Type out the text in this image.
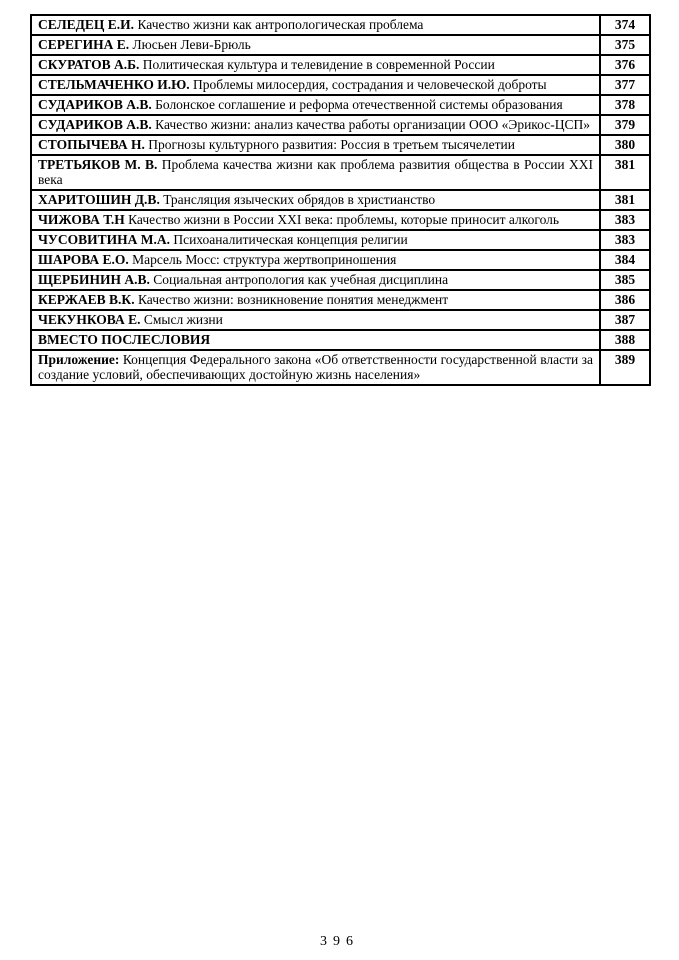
СЕЛЕДЕЦ Е.И. Качество жизни как антропологическая проблема	374
СЕРЕГИНА Е. Люсьен Леви-Брюль	375
СКУРАТОВ А.Б. Политическая культура и телевидение в современной России	376
СТЕЛЬМАЧЕНКО И.Ю. Проблемы милосердия, сострадания и человеческой доброты	377
СУДАРИКОВ А.В. Болонское соглашение и реформа отечественной системы образования	378
СУДАРИКОВ А.В. Качество жизни: анализ качества работы организации ООО «Эрикос-ЦСП»	379
СТОПЫЧЕВА Н. Прогнозы культурного развития: Россия в третьем тысячелетии	380
ТРЕТЬЯКОВ М. В. Проблема качества жизни как проблема развития общества в России XXI века	381
ХАРИТОШИН Д.В. Трансляция языческих обрядов в христианство	381
ЧИЖОВА Т.Н Качество жизни в России XXI века: проблемы, которые приносит алкоголь	383
ЧУСОВИТИНА М.А. Психоаналитическая концепция религии	383
ШАРОВА Е.О. Марсель Мосс: структура жертвоприношения	384
ЩЕРБИНИН А.В. Социальная антропология как учебная дисциплина	385
КЕРЖАЕВ В.К. Качество жизни: возникновение понятия менеджмент	386
ЧЕКУНКОВА Е. Смысл жизни	387
ВМЕСТО ПОСЛЕСЛОВИЯ	388
Приложение: Концепция Федерального закона «Об ответственности государственной власти за создание условий, обеспечивающих достойную жизнь населения»	389
396
